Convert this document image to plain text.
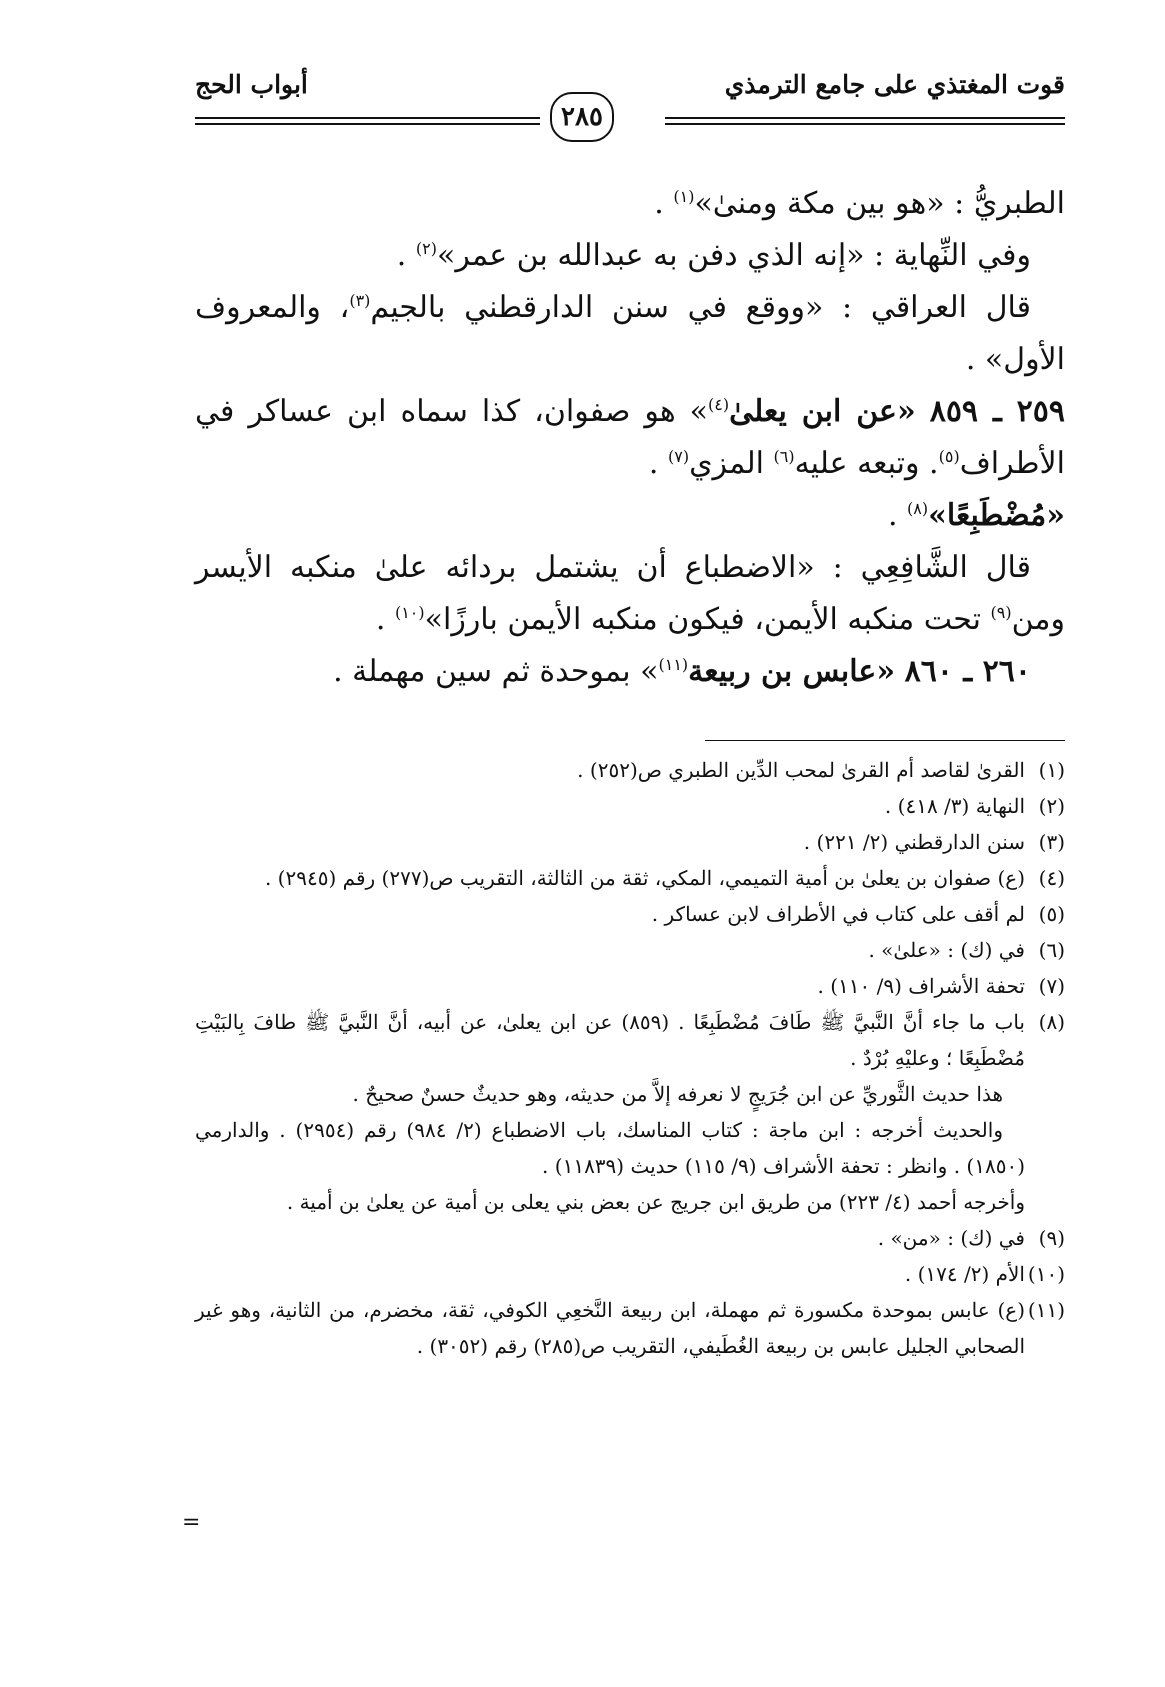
قوت المغتذي على جامع الترمذي
أبواب الحج
٢٨٥

الطبريُّ : «هو بين مكة ومنىٰ»$^{(١)}$ .

وفي النِّهاية : «إنه الذي دفن به عبدالله بن عمر»$^{(٢)}$ .

قال العراقي : «ووقع في سنن الدارقطني بالجيم$^{(٣)}$، والمعروف الأول» .

٢٥٩ ـ ٨٥٩ «عن ابن يعلىٰ$^{(٤)}$» هو صفوان، كذا سماه ابن عساكر في الأطراف$^{(٥)}$. وتبعه عليه$^{(٦)}$ المزي$^{(٧)}$ .

«مُضْطَبِعًا»$^{(٨)}$ .

قال الشَّافِعِي : «الاضطباع أن يشتمل بردائه علىٰ منكبه الأيسر ومن$^{(٩)}$ تحت منكبه الأيمن، فيكون منكبه الأيمن بارزًا»$^{(١٠)}$ .

٢٦٠ ـ ٨٦٠ «عابس بن ربيعة$^{(١١)}$» بموحدة ثم سين مهملة .

(١)
القرىٰ لقاصد أم القرىٰ لمحب الدِّين الطبري ص(٢٥٢) .
(٢)
النهاية (٣/ ٤١٨) .
(٣)
سنن الدارقطني (٢/ ٢٢١) .
(٤)
(ع) صفوان بن يعلىٰ بن أمية التميمي، المكي، ثقة من الثالثة، التقريب ص(٢٧٧) رقم (٢٩٤٥) .
(٥)
لم أقف على كتاب في الأطراف لابن عساكر .
(٦)
في (ك) : «علىٰ» .
(٧)
تحفة الأشراف (٩/ ١١٠) .
(٨)
باب ما جاء أنَّ النَّبيَّ ﷺ طَافَ مُضْطَبِعًا . (٨٥٩) عن ابن يعلىٰ، عن أبيه، أنَّ النَّبيَّ ﷺ طافَ بِالبَيْتِ مُضْطَبِعًا ؛ وعليْهِ بُرْدٌ .
هذا حديث الثَّوريِّ عن ابن جُرَيجٍ لا نعرفه إلاَّ من حديثه، وهو حديثٌ حسنٌ صحيحٌ .
والحديث أخرجه : ابن ماجة : كتاب المناسك، باب الاضطباع (٢/ ٩٨٤) رقم (٢٩٥٤) . والدارمي (١٨٥٠) . وانظر : تحفة الأشراف (٩/ ١١٥) حديث (١١٨٣٩) .
وأخرجه أحمد (٤/ ٢٢٣) من طريق ابن جريج عن بعض بني يعلى بن أمية عن يعلىٰ بن أمية .
(٩)
في (ك) : «من» .
(١٠)
الأم (٢/ ١٧٤) .
(١١)
(ع) عابس بموحدة مكسورة ثم مهملة، ابن ربيعة النَّخعِي الكوفي، ثقة، مخضرم، من الثانية، وهو غير الصحابي الجليل عابس بن ربيعة الغُطَيفي، التقريب ص(٢٨٥) رقم (٣٠٥٢) .
=
